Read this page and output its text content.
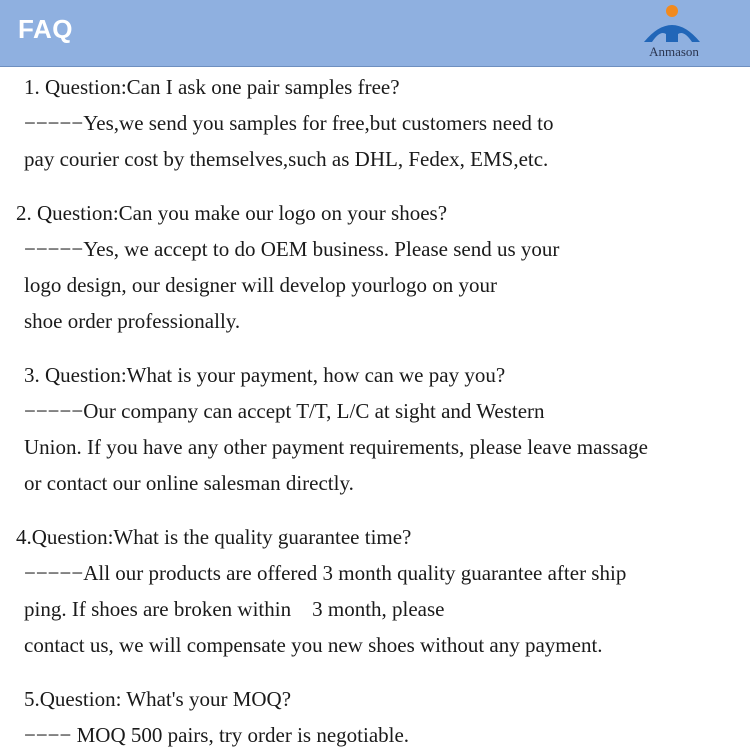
FAQ
Anmason

1. Question:Can I ask one pair samples free?

−−−−−Yes,we send you samples for free,but customers need to

pay courier cost by themselves,such as DHL, Fedex, EMS,etc.

2. Question:Can you make our logo on your shoes?

−−−−−Yes, we accept to do OEM business. Please send us your

logo design, our designer will develop yourlogo on your

shoe order professionally.

3. Question:What is your payment, how can we pay you?

−−−−−Our company can accept T/T, L/C at sight and Western

Union. If you have any other payment requirements, please leave massage

or contact our online salesman directly.

4.Question:What is the quality guarantee time?

−−−−−All our products are offered 3 month quality guarantee after ship

ping. If shoes are broken within    3 month, please

contact us, we will compensate you new shoes without any payment.

5.Question: What's your MOQ?

−−−− MOQ 500 pairs, try order is negotiable.
